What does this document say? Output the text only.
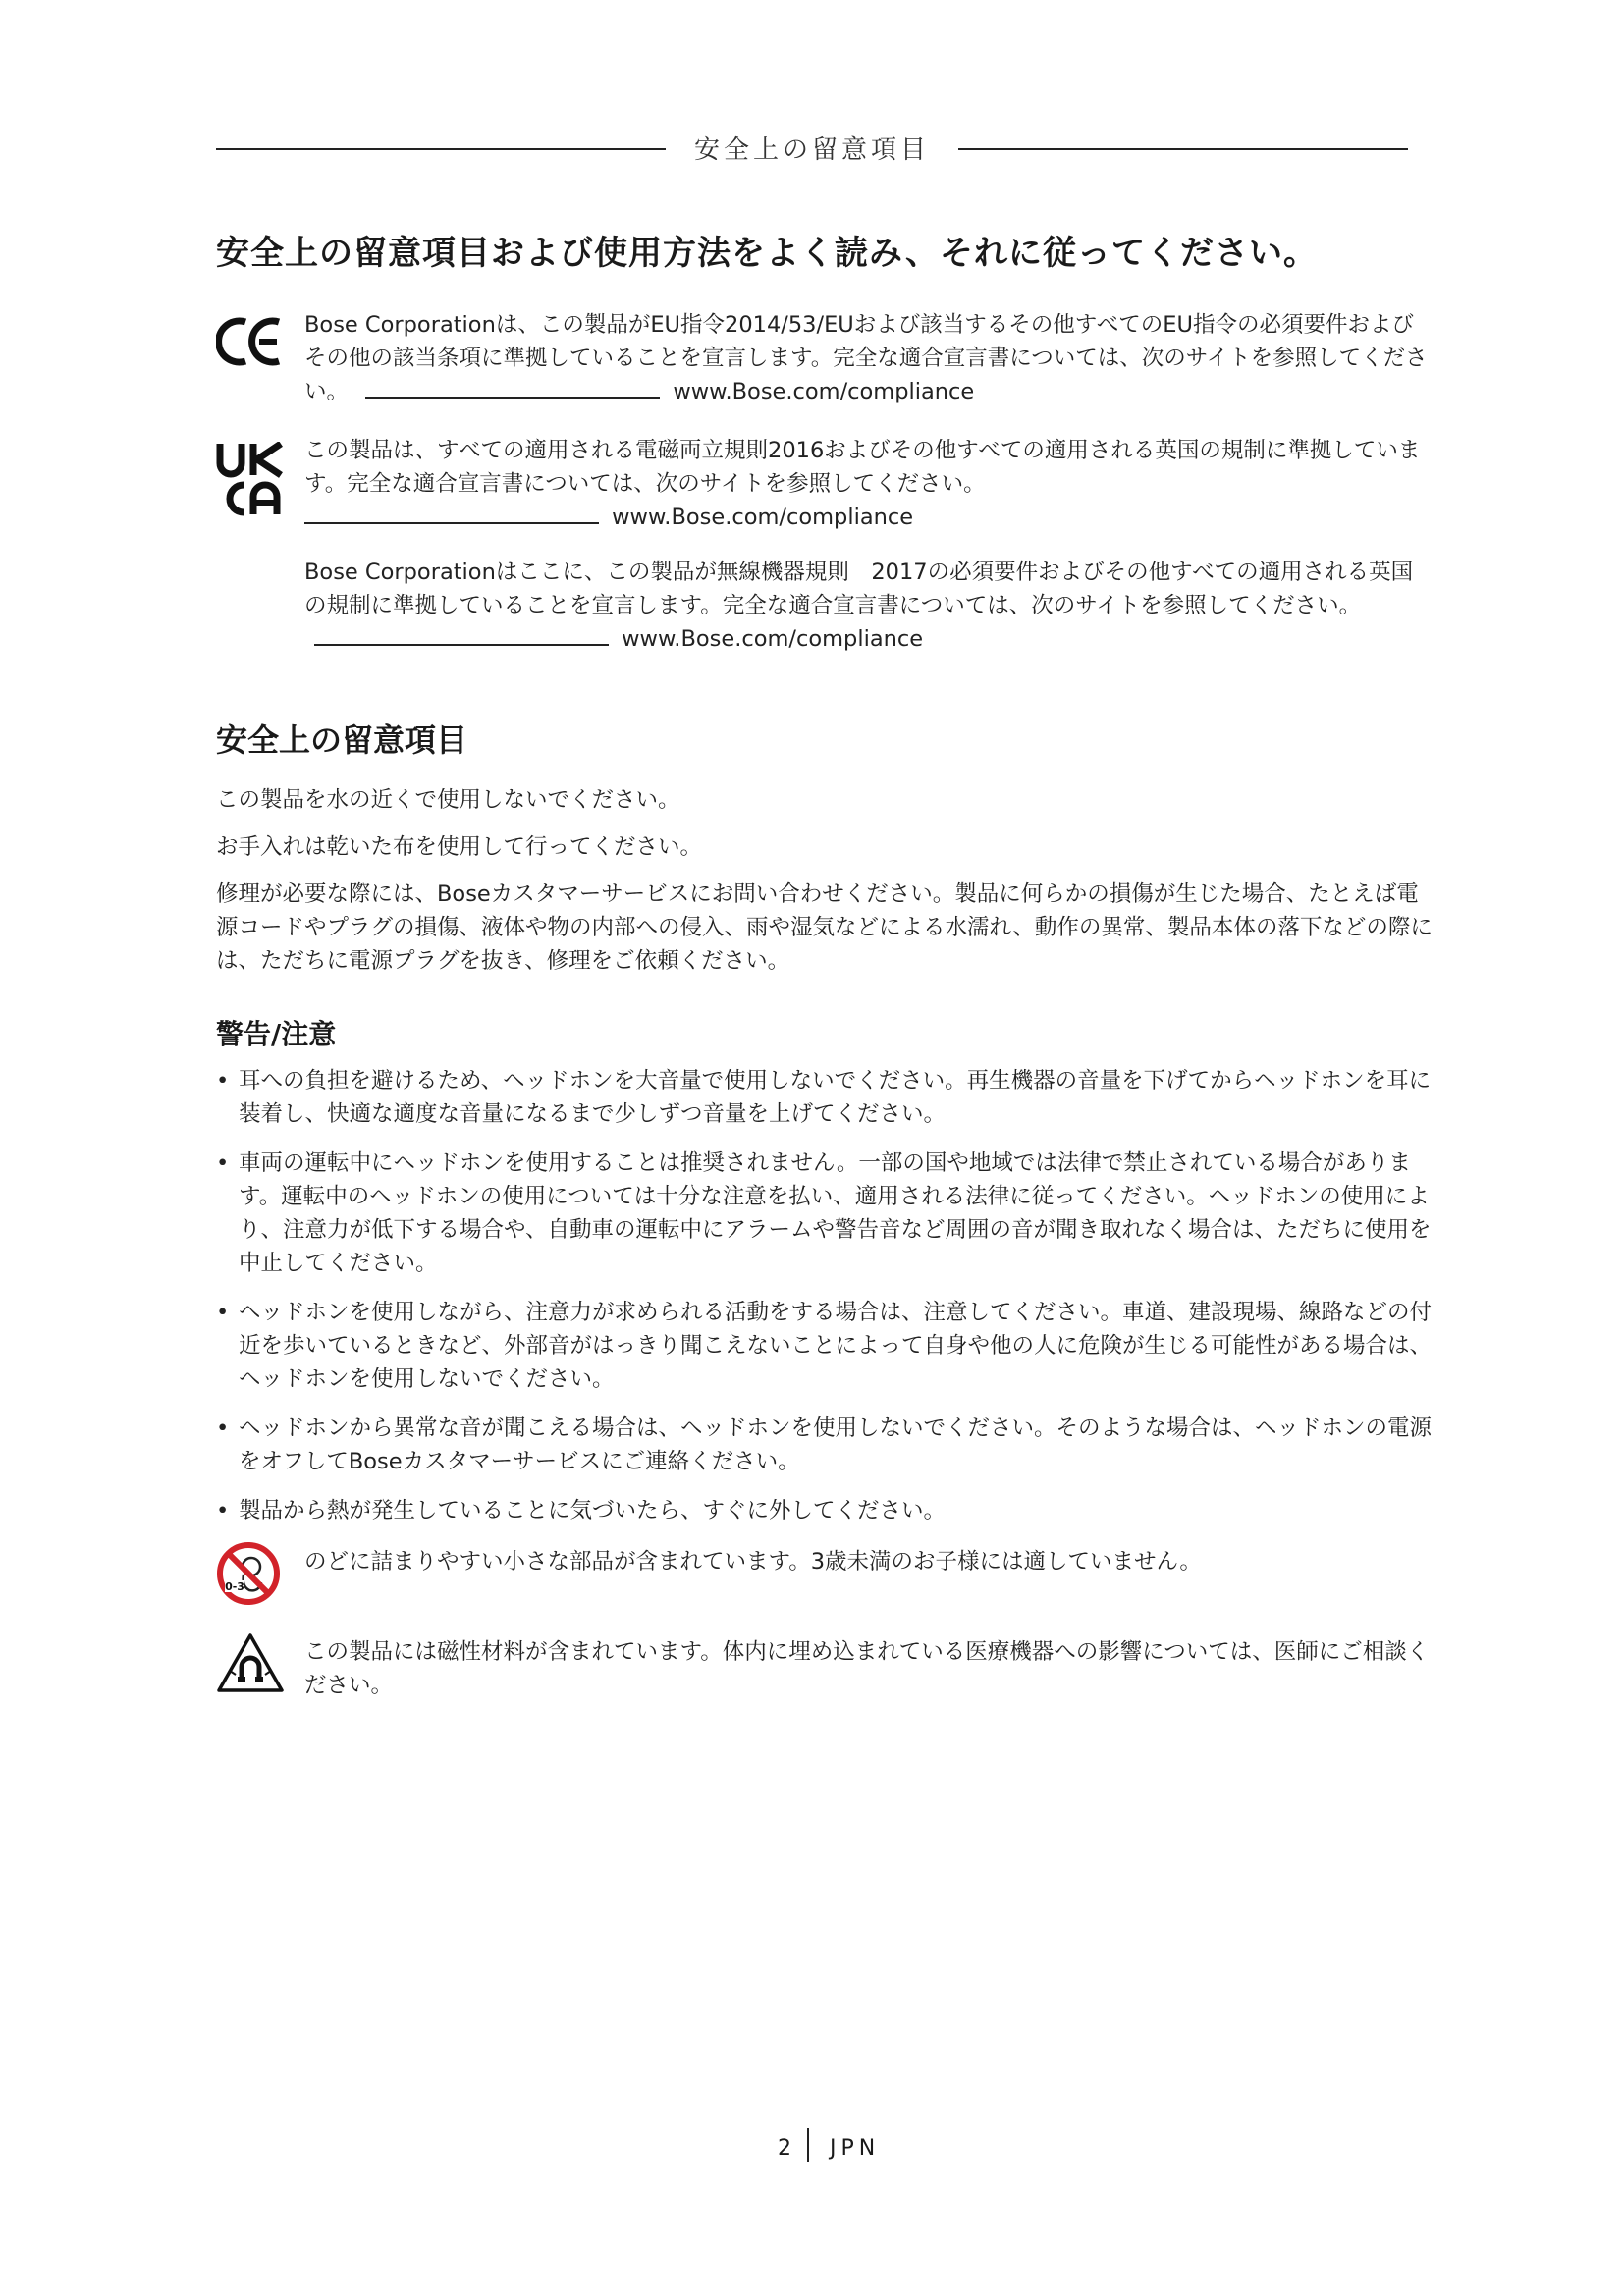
安全上の留意項目
安全上の留意項目および使用方法をよく読み、それに従ってください。
Bose Corporationは、この製品がEU指令2014/53/EUおよび該当するその他すべてのEU指令の必須要件およびその他の該当条項に準拠していることを宣言します。完全な適合宣言書については、次のサイトを参照してください。	www.Bose.com/compliance
この製品は、すべての適用される電磁両立規則2016およびその他すべての適用される英国の規制に準拠しています。完全な適合宣言書については、次のサイトを参照してください。
www.Bose.com/compliance
Bose Corporationはここに、この製品が無線機器規則　2017の必須要件およびその他すべての適用される英国の規制に準拠していることを宣言します。完全な適合宣言書については、次のサイトを参照してください。  www.Bose.com/compliance
安全上の留意項目

この製品を水の近くで使用しないでください。

お手入れは乾いた布を使用して行ってください。

修理が必要な際には、Boseカスタマーサービスにお問い合わせください。製品に何らかの損傷が生じた場合、たとえば電源コードやプラグの損傷、液体や物の内部への侵入、雨や湿気などによる水濡れ、動作の異常、製品本体の落下などの際には、ただちに電源プラグを抜き、修理をご依頼ください。

警告/注意
• 耳への負担を避けるため、ヘッドホンを大音量で使用しないでください。再生機器の音量を下げてからヘッドホンを耳に装着し、快適な適度な音量になるまで少しずつ音量を上げてください。
• 車両の運転中にヘッドホンを使用することは推奨されません。一部の国や地域では法律で禁止されている場合があります。運転中のヘッドホンの使用については十分な注意を払い、適用される法律に従ってください。ヘッドホンの使用により、注意力が低下する場合や、自動車の運転中にアラームや警告音など周囲の音が聞き取れなく場合は、ただちに使用を中止してください。
• ヘッドホンを使用しながら、注意力が求められる活動をする場合は、注意してください。車道、建設現場、線路などの付近を歩いているときなど、外部音がはっきり聞こえないことによって自身や他の人に危険が生じる可能性がある場合は、ヘッドホンを使用しないでください。
• ヘッドホンから異常な音が聞こえる場合は、ヘッドホンを使用しないでください。そのような場合は、ヘッドホンの電源をオフしてBoseカスタマーサービスにご連絡ください。
• 製品から熱が発生していることに気づいたら、すぐに外してください。
0-3
のどに詰まりやすい小さな部品が含まれています。3歳未満のお子様には適していません。
この製品には磁性材料が含まれています。体内に埋め込まれている医療機器への影響については、医師にご相談ください。
2 JPN
